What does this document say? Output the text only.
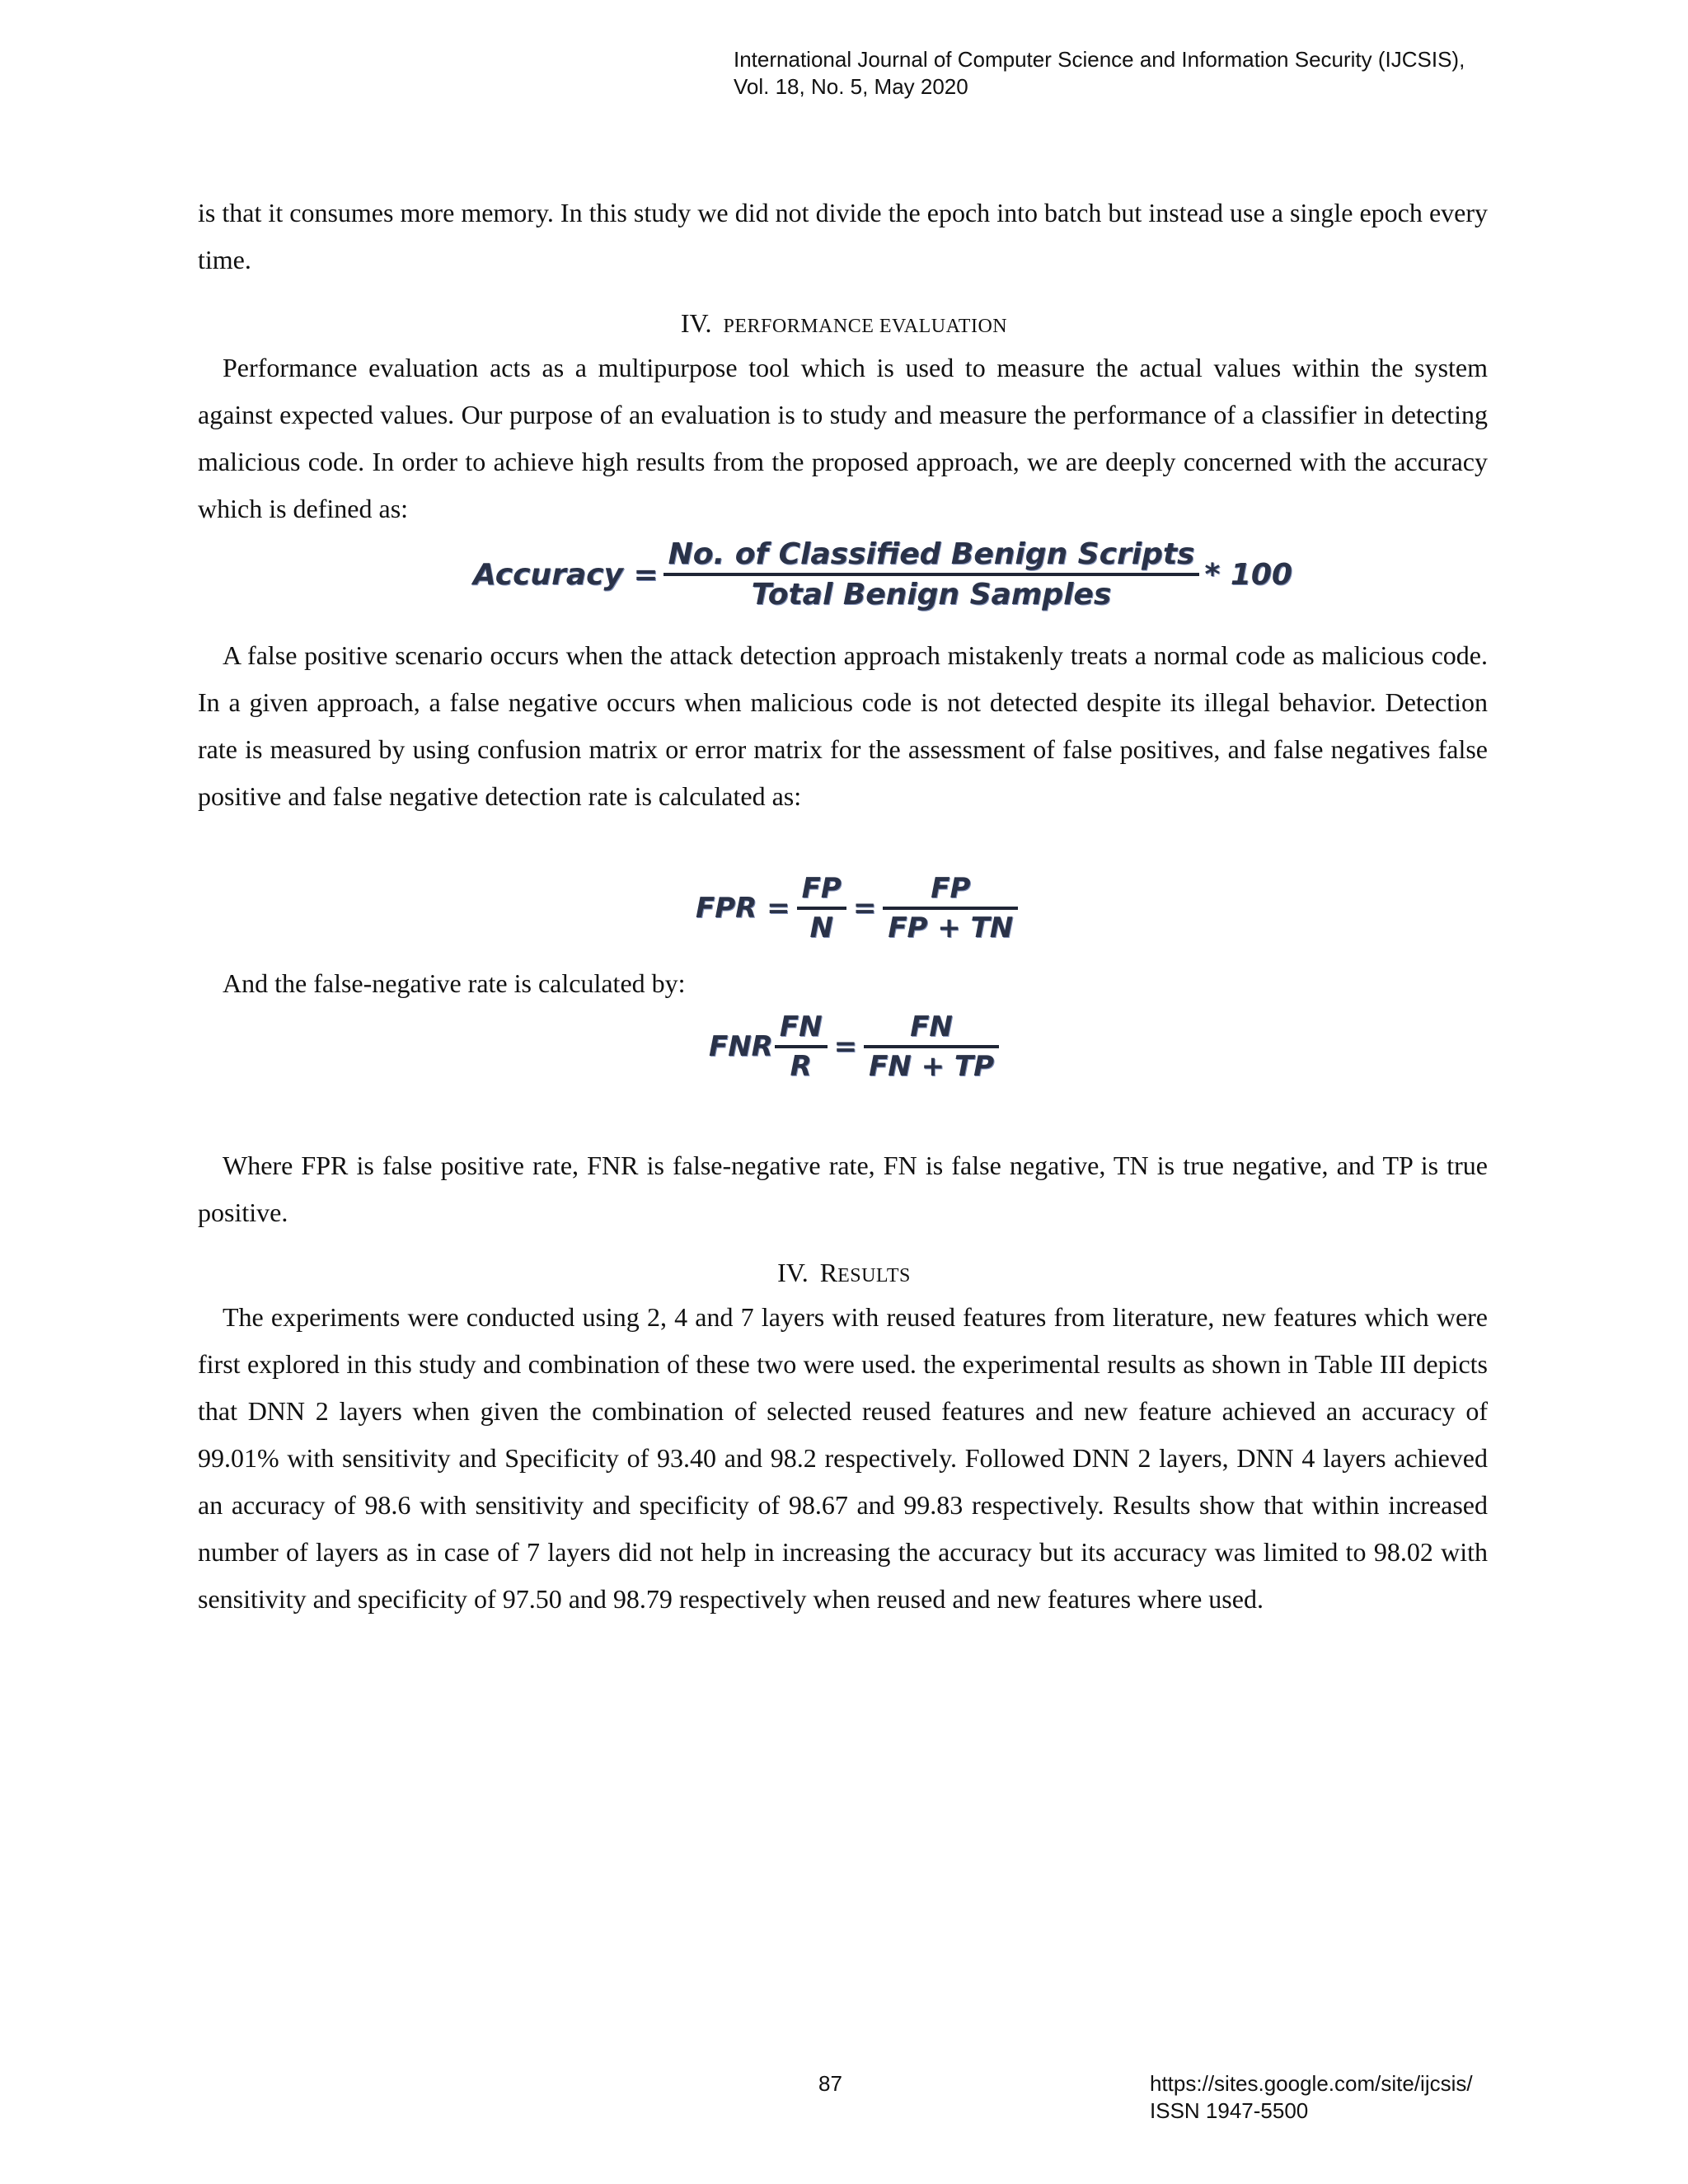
International Journal of Computer Science and Information Security (IJCSIS),
Vol. 18, No. 5, May 2020

is that it consumes more memory. In this study we did not divide the epoch into batch but instead use a single epoch every time.

IV. PERFORMANCE EVALUATION

Performance evaluation acts as a multipurpose tool which is used to measure the actual values within the system against expected values. Our purpose of an evaluation is to study and measure the performance of a classifier in detecting malicious code. In order to achieve high results from the proposed approach, we are deeply concerned with the accuracy which is defined as:

Accuracy = $\frac{\text{No. of Classified Benign Scripts}}{\text{Total Benign Samples}} * 100$

A false positive scenario occurs when the attack detection approach mistakenly treats a normal code as malicious code. In a given approach, a false negative occurs when malicious code is not detected despite its illegal behavior. Detection rate is measured by using confusion matrix or error matrix for the assessment of false positives, and false negatives false positive and false negative detection rate is calculated as:

FPR = $\frac{FP}{N} = \frac{FP}{FP + TN}$

And the false-negative rate is calculated by:

FNR $\frac{FN}{R} = \frac{FN}{FN + TP}$

Where FPR is false positive rate, FNR is false-negative rate, FN is false negative, TN is true negative, and TP is true positive.

IV. RESULTS

The experiments were conducted using 2, 4 and 7 layers with reused features from literature, new features which were first explored in this study and combination of these two were used. the experimental results as shown in Table III depicts that DNN 2 layers when given the combination of selected reused features and new feature achieved an accuracy of 99.01% with sensitivity and Specificity of 93.40 and 98.2 respectively. Followed DNN 2 layers, DNN 4 layers achieved an accuracy of 98.6 with sensitivity and specificity of 98.67 and 99.83 respectively. Results show that within increased number of layers as in case of 7 layers did not help in increasing the accuracy but its accuracy was limited to 98.02 with sensitivity and specificity of 97.50 and 98.79 respectively when reused and new features where used.

87	https://sites.google.com/site/ijcsis/
ISSN 1947-5500
